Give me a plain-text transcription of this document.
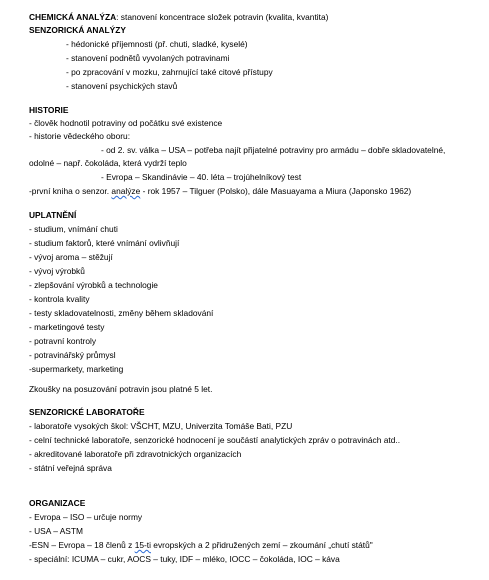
CHEMICKÁ ANALÝZA: stanovení koncentrace složek potravin (kvalita, kvantita)
SENZORICKÁ ANALÝZY
- hédonické příjemnosti (př. chuti, sladké, kyselé)
- stanovení podnětů vyvolaných potravinami
- po zpracování v mozku, zahrnující také citové přístupy
- stanovení psychických stavů
HISTORIE
- člověk hodnotil potraviny od počátku své existence
- historie vědeckého oboru:
- od 2. sv. válka – USA – potřeba najít přijatelné potraviny pro armádu – dobře skladovatelné,
odolné – např. čokoláda, která vydrží teplo
- Evropa – Skandinávie – 40. léta – trojúhelníkový test
-první kniha o senzor. analýze - rok 1957 – Tilguer (Polsko), dále Masuayama a Miura (Japonsko 1962)
UPLATNĚNÍ
- studium, vnímání chuti
- studium faktorů, které vnímání ovlivňují
- vývoj aroma – stěžují
- vývoj výrobků
- zlepšování výrobků a technologie
- kontrola kvality
- testy skladovatelnosti, změny během skladování
- marketingové testy
- potravní kontroly
- potravinářský průmysl
-supermarkety, marketing
Zkoušky na posuzování potravin jsou platné 5 let.
SENZORICKÉ LABORATOŘE
- laboratoře vysokých škol: VŠCHT, MZU, Univerzita Tomáše Bati, PZU
- celní technické laboratoře, senzorické hodnocení je součástí analytických zpráv o potravinách atd..
- akreditované laboratoře při zdravotnických organizacích
- státní veřejná správa
ORGANIZACE
- Evropa – ISO – určuje normy
- USA – ASTM
-ESN – Evropa – 18 členů z 15-ti evropských a 2 přidružených zemí – zkoumání „chutí států"
- speciální: ICUMA – cukr, AOCS – tuky, IDF – mléko, IOCC – čokoláda, IOC – káva
